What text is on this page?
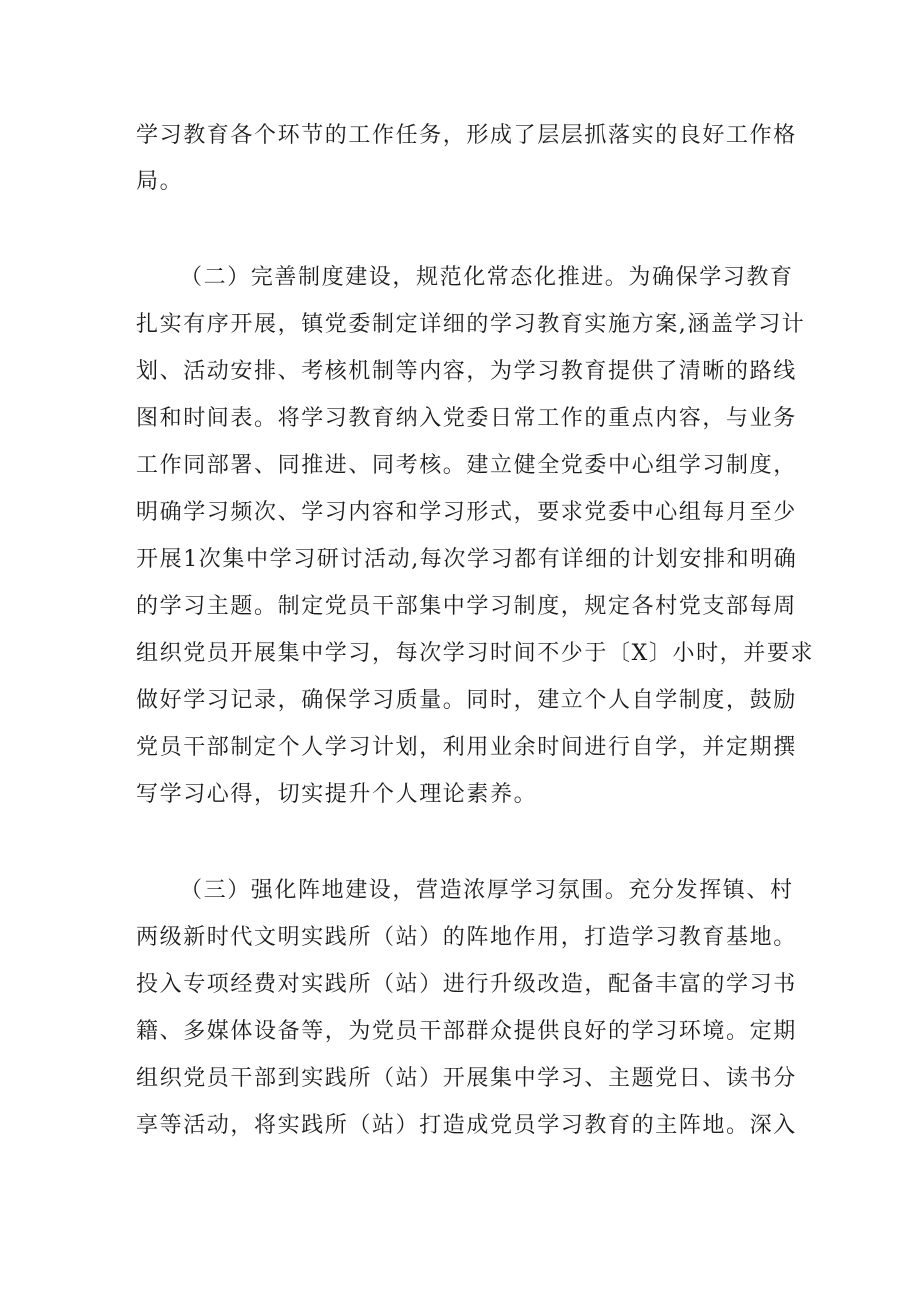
学习教育各个环节的工作任务，形成了层层抓落实的良好工作格

局。

（二）完善制度建设，规范化常态化推进。为确保学习教育

扎实有序开展，镇党委制定详细的学习教育实施方案,涵盖学习计

划、活动安排、考核机制等内容，为学习教育提供了清晰的路线

图和时间表。将学习教育纳入党委日常工作的重点内容，与业务

工作同部署、同推进、同考核。建立健全党委中心组学习制度，

明确学习频次、学习内容和学习形式，要求党委中心组每月至少

开展1次集中学习研讨活动,每次学习都有详细的计划安排和明确

的学习主题。制定党员干部集中学习制度，规定各村党支部每周

组织党员开展集中学习，每次学习时间不少于〔X〕小时，并要求

做好学习记录，确保学习质量。同时，建立个人自学制度，鼓励

党员干部制定个人学习计划，利用业余时间进行自学，并定期撰

写学习心得，切实提升个人理论素养。

（三）强化阵地建设，营造浓厚学习氛围。充分发挥镇、村

两级新时代文明实践所（站）的阵地作用，打造学习教育基地。

投入专项经费对实践所（站）进行升级改造，配备丰富的学习书

籍、多媒体设备等，为党员干部群众提供良好的学习环境。定期

组织党员干部到实践所（站）开展集中学习、主题党日、读书分

享等活动，将实践所（站）打造成党员学习教育的主阵地。深入
